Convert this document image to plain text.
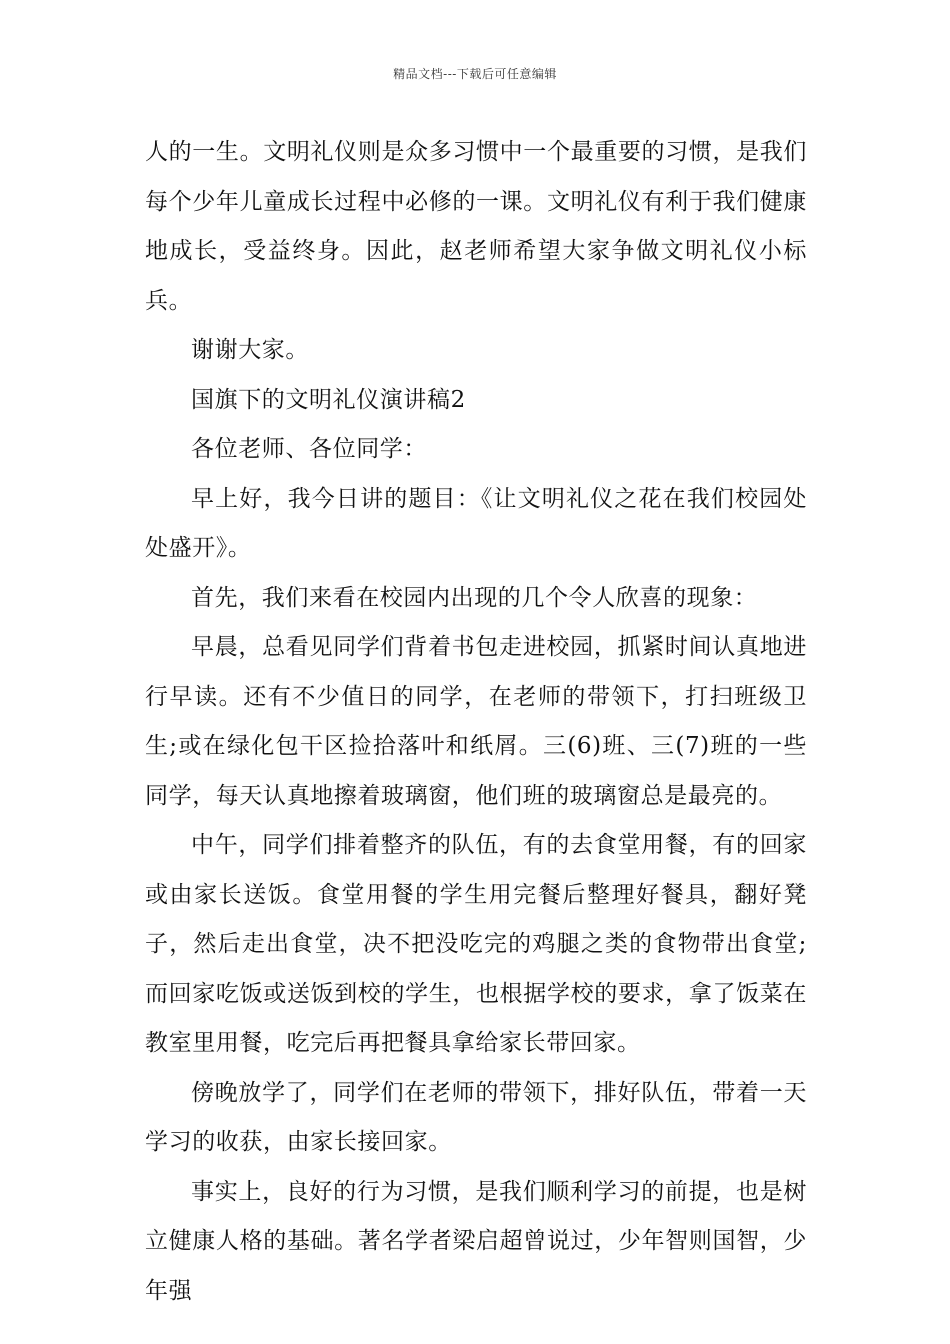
精品文档---下载后可任意编辑

人的一生。文明礼仪则是众多习惯中一个最重要的习惯，是我们每个少年儿童成长过程中必修的一课。文明礼仪有利于我们健康地成长，受益终身。因此，赵老师希望大家争做文明礼仪小标兵。

谢谢大家。

国旗下的文明礼仪演讲稿2

各位老师、各位同学：

早上好，我今日讲的题目：《让文明礼仪之花在我们校园处处盛开》。

首先，我们来看在校园内出现的几个令人欣喜的现象：

早晨，总看见同学们背着书包走进校园，抓紧时间认真地进行早读。还有不少值日的同学，在老师的带领下，打扫班级卫生;或在绿化包干区捡拾落叶和纸屑。三(6)班、三(7)班的一些同学，每天认真地擦着玻璃窗，他们班的玻璃窗总是最亮的。

中午，同学们排着整齐的队伍，有的去食堂用餐，有的回家或由家长送饭。食堂用餐的学生用完餐后整理好餐具，翻好凳子，然后走出食堂，决不把没吃完的鸡腿之类的食物带出食堂;而回家吃饭或送饭到校的学生，也根据学校的要求，拿了饭菜在教室里用餐，吃完后再把餐具拿给家长带回家。

傍晚放学了，同学们在老师的带领下，排好队伍，带着一天学习的收获，由家长接回家。

事实上，良好的行为习惯，是我们顺利学习的前提，也是树立健康人格的基础。著名学者梁启超曾说过，少年智则国智，少年强
